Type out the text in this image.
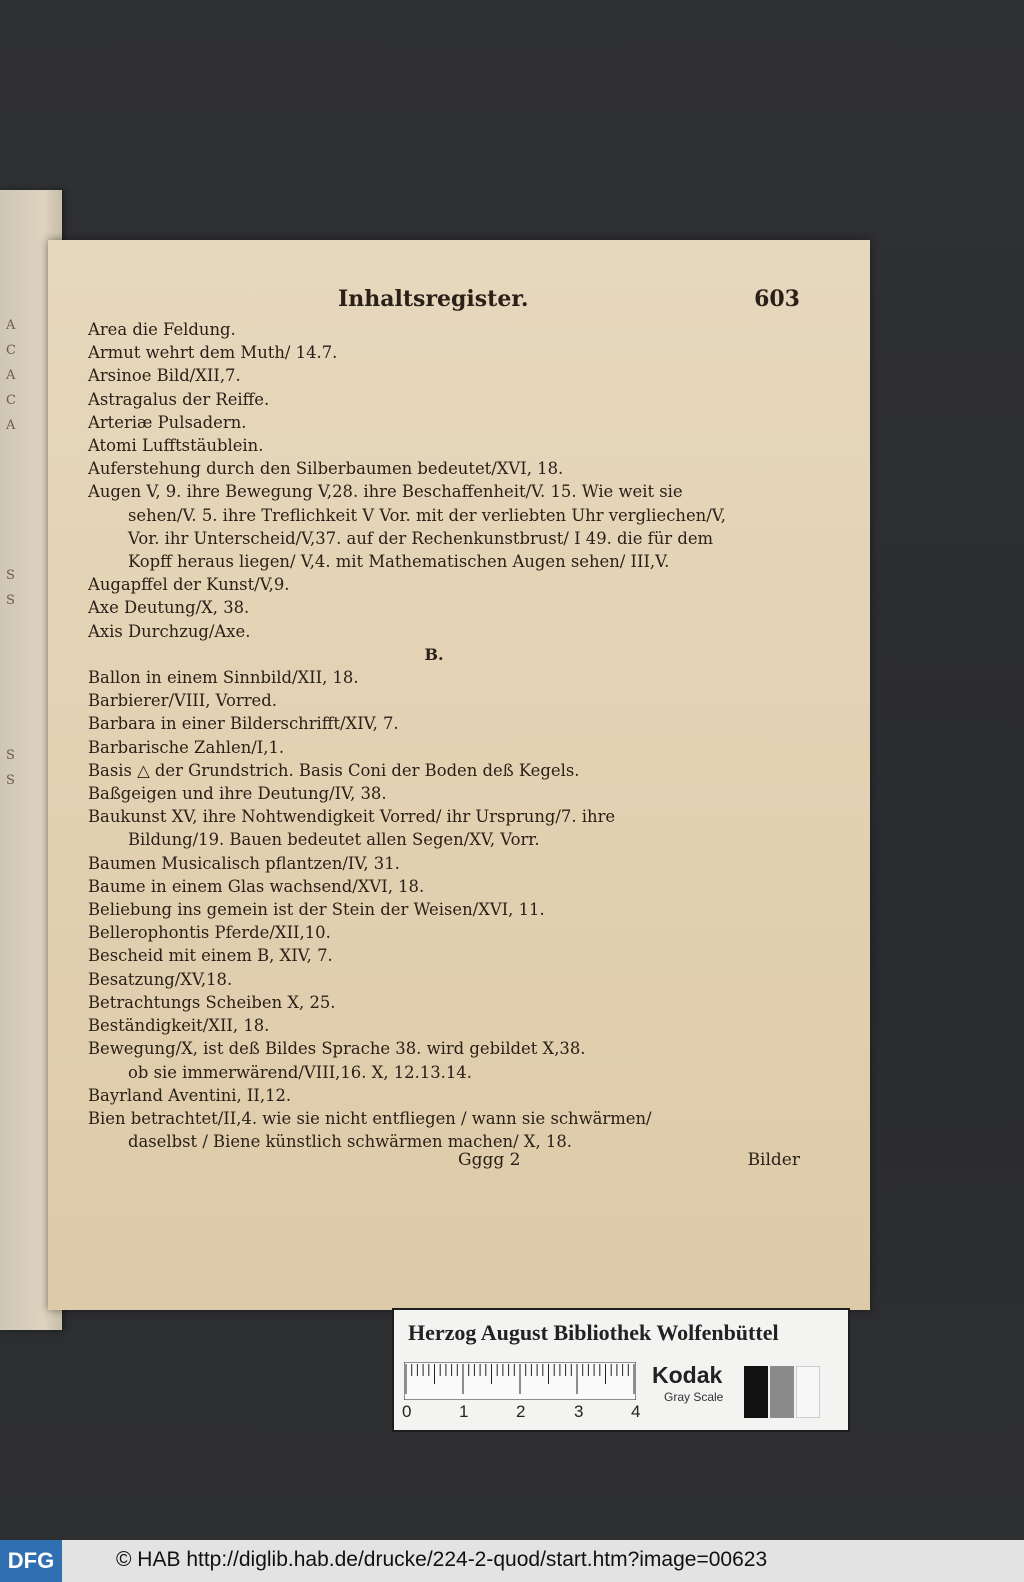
A
C
A
C
A
S
S
S
S
Inhaltsregister.	603
Area die Feldung.
Armut wehrt dem Muth/ 14.7.
Arsinoe Bild/XII,7.
Astragalus der Reiffe.
Arteriæ Pulsadern.
Atomi Lufftstäublein.
Auferstehung durch den Silberbaumen bedeutet/XVI, 18.
Augen V, 9. ihre Bewegung V,28. ihre Beschaffenheit/V. 15. Wie weit sie
sehen/V. 5. ihre Treflichkeit V Vor. mit der verliebten Uhr vergliechen/V,
Vor. ihr Unterscheid/V,37. auf der Rechenkunstbrust/ I 49. die für dem
Kopff heraus liegen/ V,4. mit Mathematischen Augen sehen/ III,V.
Augapffel der Kunst/V,9.
Axe Deutung/X, 38.
Axis Durchzug/Axe.
B.
Ballon in einem Sinnbild/XII, 18.
Barbierer/VIII, Vorred.
Barbara in einer Bilderschrifft/XIV, 7.
Barbarische Zahlen/I,1.
Basis △ der Grundstrich. Basis Coni der Boden deß Kegels.
Baßgeigen und ihre Deutung/IV, 38.
Baukunst XV, ihre Nohtwendigkeit Vorred/ ihr Ursprung/7. ihre
Bildung/19. Bauen bedeutet allen Segen/XV, Vorr.
Baumen Musicalisch pflantzen/IV, 31.
Baume in einem Glas wachsend/XVI, 18.
Beliebung ins gemein ist der Stein der Weisen/XVI, 11.
Bellerophontis Pferde/XII,10.
Bescheid mit einem B, XIV, 7.
Besatzung/XV,18.
Betrachtungs Scheiben X, 25.
Beständigkeit/XII, 18.
Bewegung/X, ist deß Bildes Sprache 38. wird gebildet X,38.
ob sie immerwärend/VIII,16. X, 12.13.14.
Bayrland Aventini, II,12.
Bien betrachtet/II,4. wie sie nicht entfliegen / wann sie schwärmen/
daselbst / Biene künstlich schwärmen machen/ X, 18.
Gggg 2	Bilder
Herzog August Bibliothek Wolfenbüttel
0	1	2	3	4
Kodak
Gray Scale
DFG	© HAB http://diglib.hab.de/drucke/224-2-quod/start.htm?image=00623
